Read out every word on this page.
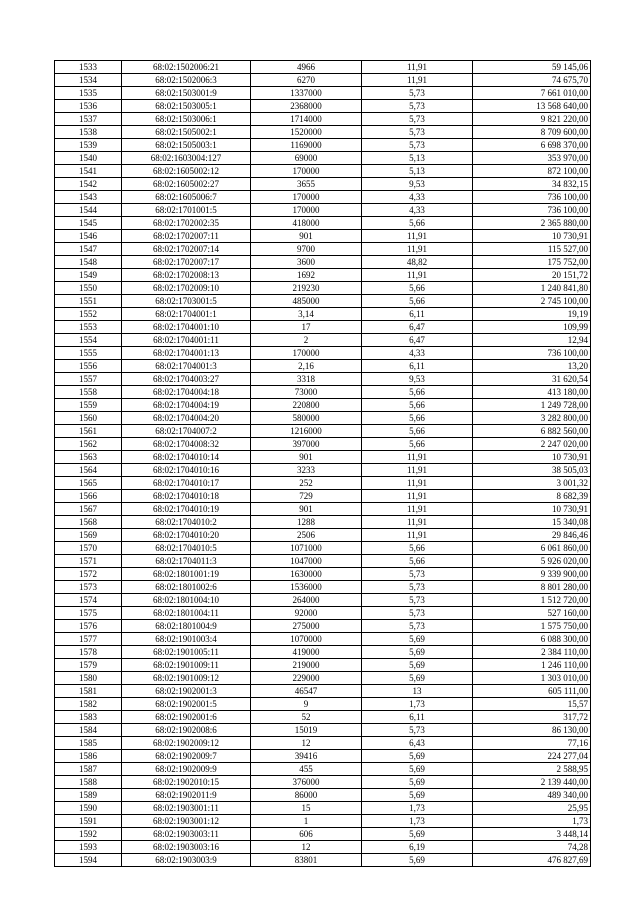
1533	68:02:1502006:21	4966	11,91	59 145,06
1534	68:02:1502006:3	6270	11,91	74 675,70
1535	68:02:1503001:9	1337000	5,73	7 661 010,00
1536	68:02:1503005:1	2368000	5,73	13 568 640,00
1537	68:02:1503006:1	1714000	5,73	9 821 220,00
1538	68:02:1505002:1	1520000	5,73	8 709 600,00
1539	68:02:1505003:1	1169000	5,73	6 698 370,00
1540	68:02:1603004:127	69000	5,13	353 970,00
1541	68:02:1605002:12	170000	5,13	872 100,00
1542	68:02:1605002:27	3655	9,53	34 832,15
1543	68:02:1605006:7	170000	4,33	736 100,00
1544	68:02:1701001:5	170000	4,33	736 100,00
1545	68:02:1702002:35	418000	5,66	2 365 880,00
1546	68:02:1702007:11	901	11,91	10 730,91
1547	68:02:1702007:14	9700	11,91	115 527,00
1548	68:02:1702007:17	3600	48,82	175 752,00
1549	68:02:1702008:13	1692	11,91	20 151,72
1550	68:02:1702009:10	219230	5,66	1 240 841,80
1551	68:02:1703001:5	485000	5,66	2 745 100,00
1552	68:02:1704001:1	3,14	6,11	19,19
1553	68:02:1704001:10	17	6,47	109,99
1554	68:02:1704001:11	2	6,47	12,94
1555	68:02:1704001:13	170000	4,33	736 100,00
1556	68:02:1704001:3	2,16	6,11	13,20
1557	68:02:1704003:27	3318	9,53	31 620,54
1558	68:02:1704004:18	73000	5,66	413 180,00
1559	68:02:1704004:19	220800	5,66	1 249 728,00
1560	68:02:1704004:20	580000	5,66	3 282 800,00
1561	68:02:1704007:2	1216000	5,66	6 882 560,00
1562	68:02:1704008:32	397000	5,66	2 247 020,00
1563	68:02:1704010:14	901	11,91	10 730,91
1564	68:02:1704010:16	3233	11,91	38 505,03
1565	68:02:1704010:17	252	11,91	3 001,32
1566	68:02:1704010:18	729	11,91	8 682,39
1567	68:02:1704010:19	901	11,91	10 730,91
1568	68:02:1704010:2	1288	11,91	15 340,08
1569	68:02:1704010:20	2506	11,91	29 846,46
1570	68:02:1704010:5	1071000	5,66	6 061 860,00
1571	68:02:1704011:3	1047000	5,66	5 926 020,00
1572	68:02:1801001:19	1630000	5,73	9 339 900,00
1573	68:02:1801002:6	1536000	5,73	8 801 280,00
1574	68:02:1801004:10	264000	5,73	1 512 720,00
1575	68:02:1801004:11	92000	5,73	527 160,00
1576	68:02:1801004:9	275000	5,73	1 575 750,00
1577	68:02:1901003:4	1070000	5,69	6 088 300,00
1578	68:02:1901005:11	419000	5,69	2 384 110,00
1579	68:02:1901009:11	219000	5,69	1 246 110,00
1580	68:02:1901009:12	229000	5,69	1 303 010,00
1581	68:02:1902001:3	46547	13	605 111,00
1582	68:02:1902001:5	9	1,73	15,57
1583	68:02:1902001:6	52	6,11	317,72
1584	68:02:1902008:6	15019	5,73	86 130,00
1585	68:02:1902009:12	12	6,43	77,16
1586	68:02:1902009:7	39416	5,69	224 277,04
1587	68:02:1902009:9	455	5,69	2 588,95
1588	68:02:1902010:15	376000	5,69	2 139 440,00
1589	68:02:1902011:9	86000	5,69	489 340,00
1590	68:02:1903001:11	15	1,73	25,95
1591	68:02:1903001:12	1	1,73	1,73
1592	68:02:1903003:11	606	5,69	3 448,14
1593	68:02:1903003:16	12	6,19	74,28
1594	68:02:1903003:9	83801	5,69	476 827,69
